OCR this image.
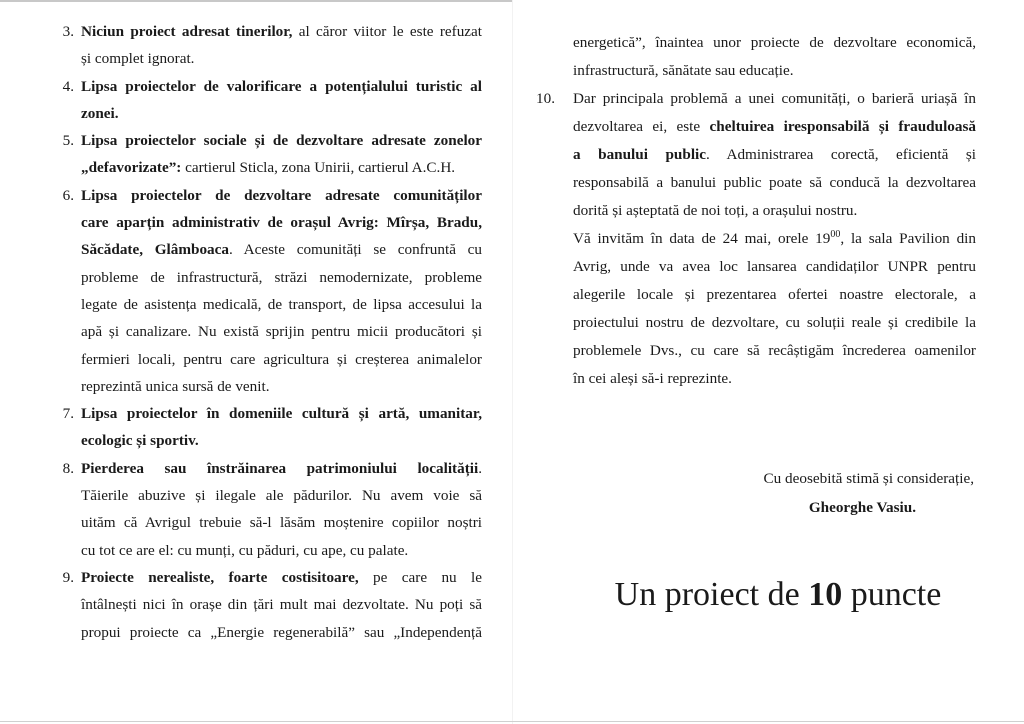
3. Niciun proiect adresat tinerilor, al căror viitor le este refuzat
și complet ignorat.
4. Lipsa proiectelor de valorificare a potențialului turistic al
zonei.
5. Lipsa proiectelor sociale și de dezvoltare adresate zonelor
„defavorizate”: cartierul Sticla, zona Unirii, cartierul A.C.H.
6. Lipsa proiectelor de dezvoltare adresate comunităților
care aparțin administrativ de orașul Avrig: Mîrșa, Bradu,
Săcădate, Glâmboaca. Aceste comunități se confruntă cu
probleme de infrastructură, străzi nemodernizate, probleme
legate de asistența medicală, de transport, de lipsa accesului la
apă și canalizare. Nu există sprijin pentru micii producători și
fermieri locali, pentru care agricultura și creșterea animalelor
reprezintă unica sursă de venit.
7. Lipsa proiectelor în domeniile cultură și artă, umanitar,
ecologic și sportiv.
8. Pierderea sau înstrăinarea patrimoniului localității.
Tăierile abuzive și ilegale ale pădurilor. Nu avem voie să
uităm că Avrigul trebuie să-l lăsăm moștenire copiilor noștri
cu tot ce are el: cu munți, cu păduri, cu ape, cu palate.
9. Proiecte nerealiste, foarte costisitoare, pe care nu le
întâlnești nici în orașe din țări mult mai dezvoltate. Nu poți să
propui proiecte ca „Energie regenerabilă” sau „Independență
energetică”, înaintea unor proiecte de dezvoltare economică,
infrastructură, sănătate sau educație.
10. Dar principala problemă a unei comunități, o barieră uriașă în
dezvoltarea ei, este cheltuirea iresponsabilă și frauduloasă
a banului public. Administrarea corectă, eficientă și
responsabilă a banului public poate să conducă la dezvoltarea
dorită și așteptată de noi toți, a orașului nostru.
Vă invităm în data de 24 mai, orele $19^{00}$, la sala Pavilion din
Avrig, unde va avea loc lansarea candidaților UNPR pentru
alegerile locale și prezentarea ofertei noastre electorale, a
proiectului nostru de dezvoltare, cu soluții reale și credibile la
problemele Dvs., cu care să recâștigăm încrederea oamenilor
în cei aleși să-i reprezinte.
Cu deosebită stimă și considerație,
Gheorghe Vasiu.
Un proiect de 10 puncte
